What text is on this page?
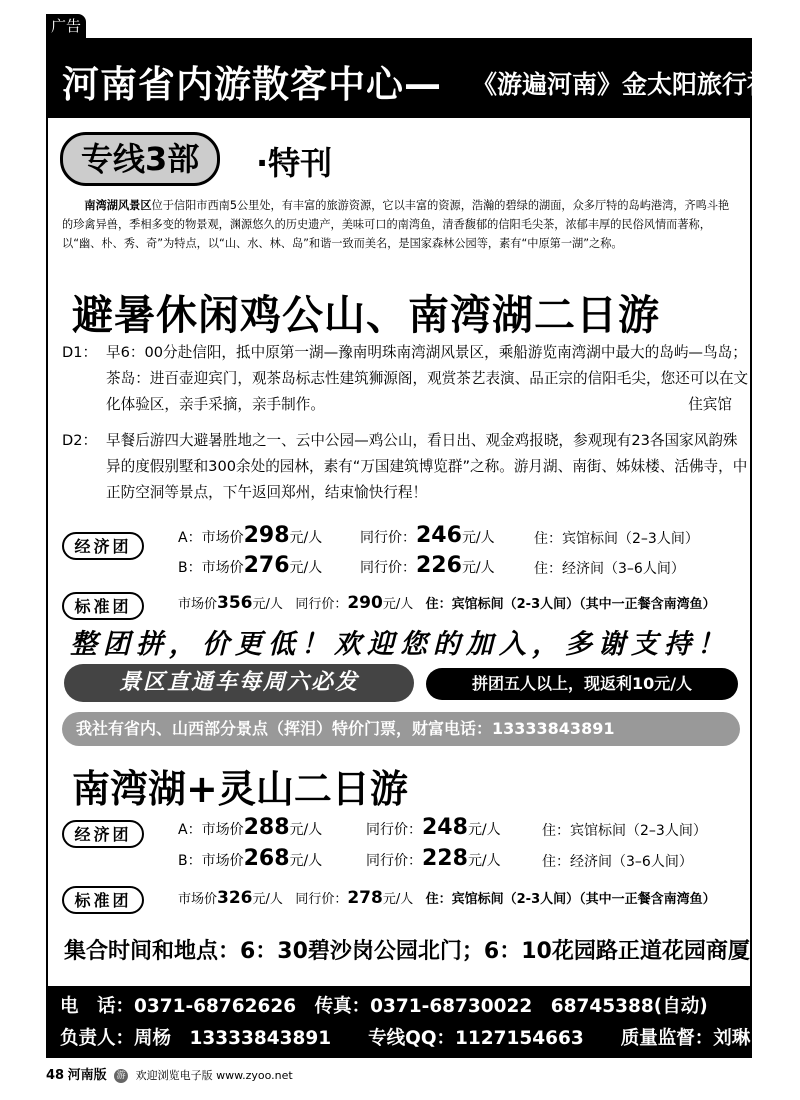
广告
河南省内游散客中心— 《游遍河南》金太阳旅行社
专线3部	·特刊
南湾湖风景区位于信阳市西南5公里处，有丰富的旅游资源，它以丰富的资源，浩瀚的碧绿的湖面，众多厅特的岛屿港湾，齐鸣斗艳的珍禽异兽，季相多变的物景观，渊源悠久的历史遗产，美味可口的南湾鱼，清香馥郁的信阳毛尖茶，浓郁丰厚的民俗风情而著称，以“幽、朴、秀、奇”为特点，以“山、水、林、岛”和谐一致而美名，是国家森林公园等，素有“中原第一湖”之称。
避暑休闲鸡公山、南湾湖二日游
D1： 早6：00分赴信阳，抵中原第一湖—豫南明珠南湾湖风景区，乘船游览南湾湖中最大的岛屿—鸟岛；茶岛：进百壶迎宾门，观茶岛标志性建筑狮源阁，观赏茶艺表演、品正宗的信阳毛尖，您还可以在文化体验区，亲手采摘，亲手制作。	住宾馆
D2： 早餐后游四大避暑胜地之一、云中公园—鸡公山，看日出、观金鸡报晓，参观现有23各国家风韵殊异的度假别墅和300余处的园林，素有“万国建筑博览群”之称。游月湖、南街、姊妹楼、活佛寺，中正防空洞等景点，下午返回郑州，结束愉快行程！
经济团	A：市场价298元/人	同行价：246元/人	住：宾馆标间（2–3人间）
B：市场价276元/人	同行价：226元/人	住：经济间（3–6人间）
标准团	市场价356元/人 同行价：290元/人 住：宾馆标间（2-3人间）（其中一正餐含南湾鱼）
整团拼，价更低！欢迎您的加入，多谢支持！
景区直通车每周六必发	拼团五人以上，现返利10元/人
我社有省内、山西部分景点（挥泪）特价门票，财富电话：13333843891
南湾湖+灵山二日游
经济团	A：市场价288元/人	同行价：248元/人	住：宾馆标间（2–3人间）
B：市场价268元/人	同行价：228元/人	住：经济间（3–6人间）
标准团	市场价326元/人 同行价：278元/人 住：宾馆标间（2-3人间）（其中一正餐含南湾鱼）
集合时间和地点：6：30碧沙岗公园北门；6：10花园路正道花园商厦
电　话：0371-68762626　传真：0371-68730022　68745388(自动)
负责人：周杨　13333843891　　专线QQ：1127154663　　质量监督：刘琳
48 河南版 游 欢迎浏览电子版 www.zyoo.net
